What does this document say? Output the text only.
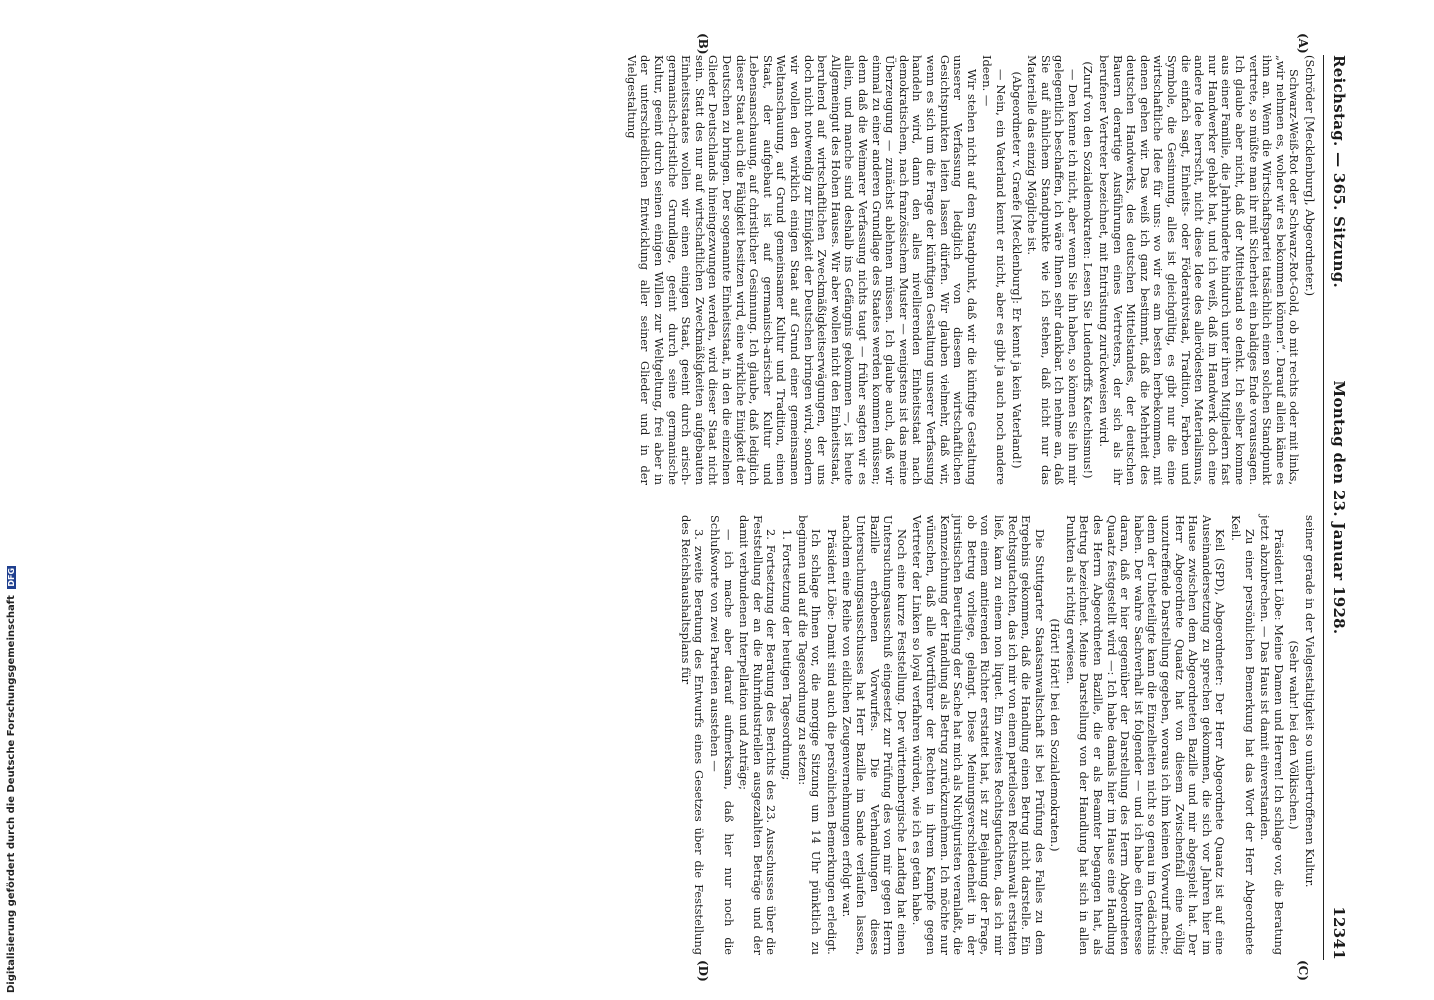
Digitalisierung gefördert durch die Deutsche Forschungsgemeinschaft DFG
Reichstag. — 365. Sitzung.
Montag den 23. Januar 1928.
12341

(Schröder [Mecklenburg], Abgeordneter.)

Schwarz-Weiß-Rot oder Schwarz-Rot-Gold, ob mit rechts oder mit links, „wir nehmen es, woher wir es bekommen können“. Darauf allein käme es ihm an. Wenn die Wirtschaftspartei tatsächlich einen solchen Standpunkt vertrete, so müßte man ihr mit Sicherheit ein baldiges Ende voraussagen. Ich glaube aber nicht, daß der Mittelstand so denkt. Ich selber komme aus einer Familie, die Jahrhunderte hindurch unter ihren Mitgliedern fast nur Handwerker gehabt hat, und ich weiß, daß im Handwerk doch eine andere Idee herrscht, nicht diese Idee des allerödesten Materialismus, die einfach sagt, Einheits- oder Föderativstaat, Tradition, Farben und Symbole, die Gesinnung, alles ist gleichgültig, es gibt nur die eine wirtschaftliche Idee für uns: wo wir es am besten herbekommen, mit denen gehen wir. Das weiß ich ganz bestimmt, daß die Mehrheit des deutschen Handwerks, des deutschen Mittelstandes, der deutschen Bauern derartige Ausführungen eines Vertreters, der sich als ihr berufener Vertreter bezeichnet, mit Entrüstung zurückweisen wird.

(Zuruf von den Sozialdemokraten: Lesen Sie Ludendorffs Katechismus!)

— Den kenne ich nicht, aber wenn Sie ihn haben, so können Sie ihn mir gelegentlich beschaffen, ich wäre Ihnen sehr dankbar. Ich nehme an, daß Sie auf ähnlichem Standpunkte wie ich stehen, daß nicht nur das Materielle das einzig Mögliche ist.

(Abgeordneter v. Graefe [Mecklenburg]: Er kennt ja kein Vaterland!)

— Nein, ein Vaterland kennt er nicht, aber es gibt ja auch noch andere Ideen. —

Wir stehen nicht auf dem Standpunkt, daß wir die künftige Gestaltung unserer Verfassung lediglich von diesem wirtschaftlichen Gesichtspunkten leiten lassen dürfen. Wir glauben vielmehr, daß wir, wenn es sich um die Frage der künftigen Gestaltung unserer Verfassung handeln wird, dann den alles nivellierenden Einheitsstaat nach demokratischem, nach französischem Muster — wenigstens ist das meine Überzeugung — zunächst ablehnen müssen. Ich glaube auch, daß wir einmal zu einer anderen Grundlage des Staates werden kommen müssen; denn daß die Weimarer Verfassung nichts taugt — früher sagten wir es allein, und manche sind deshalb ins Gefängnis gekommen —, ist heute Allgemeingut des Hohen Hauses. Wir aber wollen nicht den Einheitsstaat, beruhend auf wirtschaftlichen Zweckmäßigkeitserwägungen, der uns doch nicht notwendig zur Einigkeit der Deutschen bringen wird, sondern wir wollen den wirklich einigen Staat auf Grund einer gemeinsamen Weltanschauung, auf Grund gemeinsamer Kultur und Tradition, einen Staat, der aufgebaut ist auf germanisch-arischer Kultur und Lebensanschauung, auf christlicher Gesinnung. Ich glaube, daß lediglich dieser Staat auch die Fähigkeit besitzen wird, eine wirkliche Einigkeit der Deutschen zu bringen. Der sogenannte Einheitsstaat, in den die einzelnen Glieder Deutschlands hineingezwungen werden, wird dieser Staat nicht sein. Statt des nur auf wirtschaftlichen Zweckmäßigkeiten aufgebauten Einheitsstaates wollen wir einen einigen Staat, geeint durch arisch-germanisch-christliche Grundlage, geeint durch seine germanische Kultur, geeint durch seinen einigen Willen zur Weltgeltung, frei aber in der unterschiedlichen Entwicklung aller seiner Glieder und in der Vielgestaltung

seiner gerade in der Vielgestaltigkeit so unübertroffenen Kultur.

(Sehr wahr! bei den Völkischen.)

Präsident Löbe: Meine Damen und Herren! Ich schlage vor, die Beratung jetzt abzubrechen. — Das Haus ist damit einverstanden.

Zu einer persönlichen Bemerkung hat das Wort der Herr Abgeordnete Keil.

Keil (SPD), Abgeordneter: Der Herr Abgeordnete Quaatz ist auf eine Auseinandersetzung zu sprechen gekommen, die sich vor Jahren hier im Hause zwischen dem Abgeordneten Bazille und mir abgespielt hat. Der Herr Abgeordnete Quaatz hat von diesem Zwischenfall eine völlig unzutreffende Darstellung gegeben, woraus ich ihm keinen Vorwurf mache; denn der Unbeteiligte kann die Einzelheiten nicht so genau im Gedächtnis haben. Der wahre Sachverhalt ist folgender — und ich habe ein Interesse daran, daß er hier gegenüber der Darstellung des Herrn Abgeordneten Quaatz festgestellt wird —: Ich habe damals hier im Hause eine Handlung des Herrn Abgeordneten Bazille, die er als Beamter begangen hat, als Betrug bezeichnet. Meine Darstellung von der Handlung hat sich in allen Punkten als richtig erwiesen.

(Hört! Hört! bei den Sozialdemokraten.)

Die Stuttgarter Staatsanwaltschaft ist bei Prüfung des Falles zu dem Ergebnis gekommen, daß die Handlung einen Betrug nicht darstelle. Ein Rechtsgutachten, das ich mir von einem parteilosen Rechtsanwalt erstatten ließ, kam zu einem non liquet. Ein zweites Rechtsgutachten, das ich mir von einem amtierenden Richter erstattet hat, ist zur Bejahung der Frage, ob Betrug vorliege, gelangt. Diese Meinungsverschiedenheit in der juristischen Beurteilung der Sache hat mich als Nichtjuristen veranlaßt, die Kennzeichnung der Handlung als Betrug zurückzunehmen. Ich möchte nur wünschen, daß alle Wortführer der Rechten in ihrem Kampfe gegen Vertreter der Linken so loyal verfahren würden, wie ich es getan habe.

Noch eine kurze Feststellung. Der württembergische Landtag hat einen Untersuchungsausschuß eingesetzt zur Prüfung des von mir gegen Herrn Bazille erhobenen Vorwurfes. Die Verhandlungen dieses Untersuchungsausschusses hat Herr Bazille im Sande verlaufen lassen, nachdem eine Reihe von eidlichen Zeugenvernehmungen erfolgt war.

Präsident Löbe: Damit sind auch die persönlichen Bemerkungen erledigt.

Ich schlage Ihnen vor, die morgige Sitzung um 14 Uhr pünktlich zu beginnen und auf die Tagesordnung zu setzen:

1. Fortsetzung der heutigen Tagesordnung;

2. Fortsetzung der Beratung des Berichts des 23. Ausschusses über die Feststellung der an die Ruhrindustriellen ausgezahlten Beträge und der damit verbundenen Interpellation und Anträge;

— ich mache aber darauf aufmerksam, daß hier nur noch die Schlußworte von zwei Parteien ausstehen —

3. zweite Beratung des Entwurfs eines Gesetzes über die Feststellung des Reichshaushaltsplans für

(A)
(B)
(C)
(D)
